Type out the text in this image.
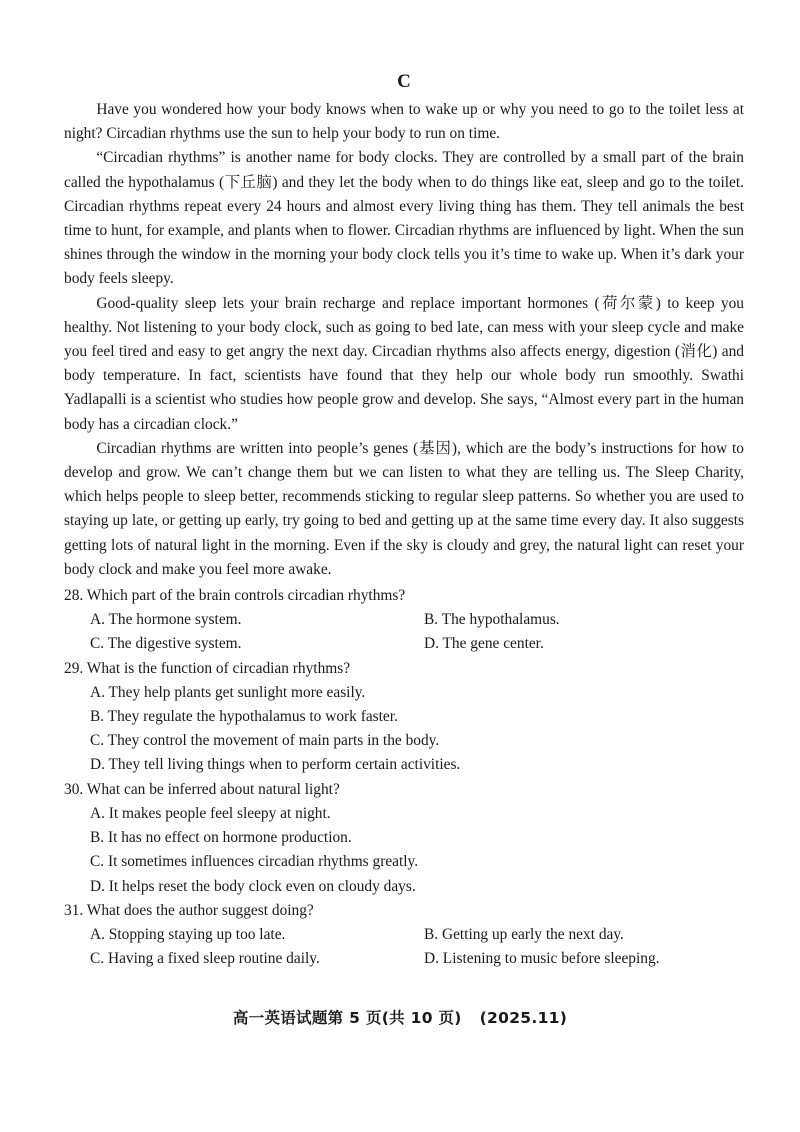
C

Have you wondered how your body knows when to wake up or why you need to go to the toilet less at night? Circadian rhythms use the sun to help your body to run on time.

“Circadian rhythms” is another name for body clocks. They are controlled by a small part of the brain called the hypothalamus (下丘脑) and they let the body when to do things like eat, sleep and go to the toilet. Circadian rhythms repeat every 24 hours and almost every living thing has them. They tell animals the best time to hunt, for example, and plants when to flower. Circadian rhythms are influenced by light. When the sun shines through the window in the morning your body clock tells you it’s time to wake up. When it’s dark your body feels sleepy.

Good-quality sleep lets your brain recharge and replace important hormones (荷尔蒙) to keep you healthy. Not listening to your body clock, such as going to bed late, can mess with your sleep cycle and make you feel tired and easy to get angry the next day. Circadian rhythms also affects energy, digestion (消化) and body temperature. In fact, scientists have found that they help our whole body run smoothly. Swathi Yadlapalli is a scientist who studies how people grow and develop. She says, “Almost every part in the human body has a circadian clock.”

Circadian rhythms are written into people’s genes (基因), which are the body’s instructions for how to develop and grow. We can’t change them but we can listen to what they are telling us. The Sleep Charity, which helps people to sleep better, recommends sticking to regular sleep patterns. So whether you are used to staying up late, or getting up early, try going to bed and getting up at the same time every day. It also suggests getting lots of natural light in the morning. Even if the sky is cloudy and grey, the natural light can reset your body clock and make you feel more awake.

28. Which part of the brain controls circadian rhythms?
A. The hormone system.	B. The hypothalamus.
C. The digestive system.	D. The gene center.
29. What is the function of circadian rhythms?
A. They help plants get sunlight more easily.
B. They regulate the hypothalamus to work faster.
C. They control the movement of main parts in the body.
D. They tell living things when to perform certain activities.
30. What can be inferred about natural light?
A. It makes people feel sleepy at night.
B. It has no effect on hormone production.
C. It sometimes influences circadian rhythms greatly.
D. It helps reset the body clock even on cloudy days.
31. What does the author suggest doing?
A. Stopping staying up too late.	B. Getting up early the next day.
C. Having a fixed sleep routine daily.	D. Listening to music before sleeping.
高一英语试题第 5 页(共 10 页) (2025.11)
